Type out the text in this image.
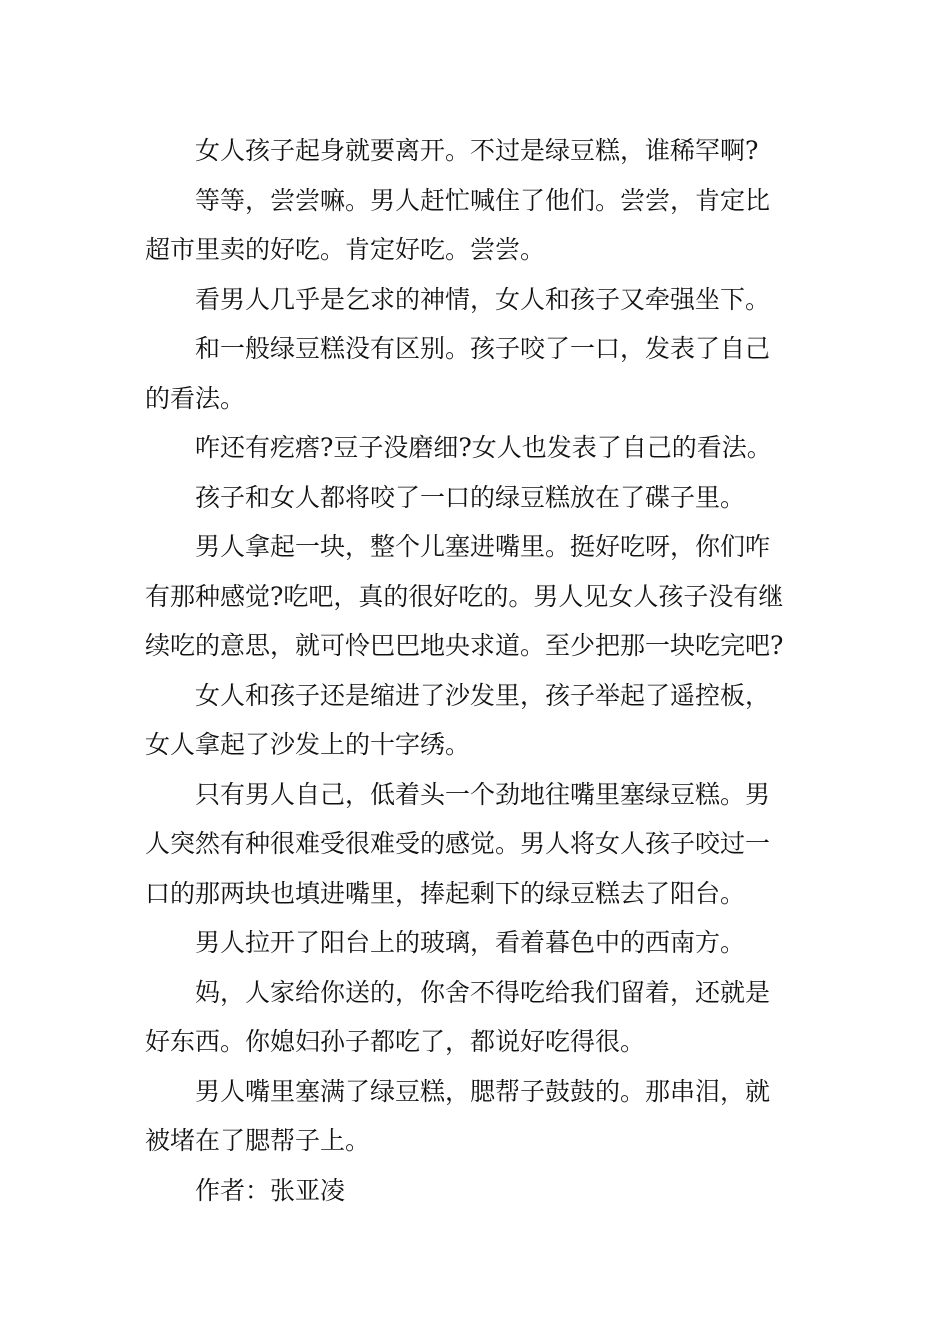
女人孩子起身就要离开。不过是绿豆糕，谁稀罕啊?

等等，尝尝嘛。男人赶忙喊住了他们。尝尝，肯定比
超市里卖的好吃。肯定好吃。尝尝。

看男人几乎是乞求的神情，女人和孩子又牵强坐下。

和一般绿豆糕没有区别。孩子咬了一口，发表了自己
的看法。

咋还有疙瘩?豆子没磨细?女人也发表了自己的看法。

孩子和女人都将咬了一口的绿豆糕放在了碟子里。

男人拿起一块，整个儿塞进嘴里。挺好吃呀，你们咋
有那种感觉?吃吧，真的很好吃的。男人见女人孩子没有继
续吃的意思，就可怜巴巴地央求道。至少把那一块吃完吧?

女人和孩子还是缩进了沙发里，孩子举起了遥控板，
女人拿起了沙发上的十字绣。

只有男人自己，低着头一个劲地往嘴里塞绿豆糕。男
人突然有种很难受很难受的感觉。男人将女人孩子咬过一
口的那两块也填进嘴里，捧起剩下的绿豆糕去了阳台。

男人拉开了阳台上的玻璃，看着暮色中的西南方。

妈，人家给你送的，你舍不得吃给我们留着，还就是
好东西。你媳妇孙子都吃了，都说好吃得很。

男人嘴里塞满了绿豆糕，腮帮子鼓鼓的。那串泪，就
被堵在了腮帮子上。

作者：张亚凌
